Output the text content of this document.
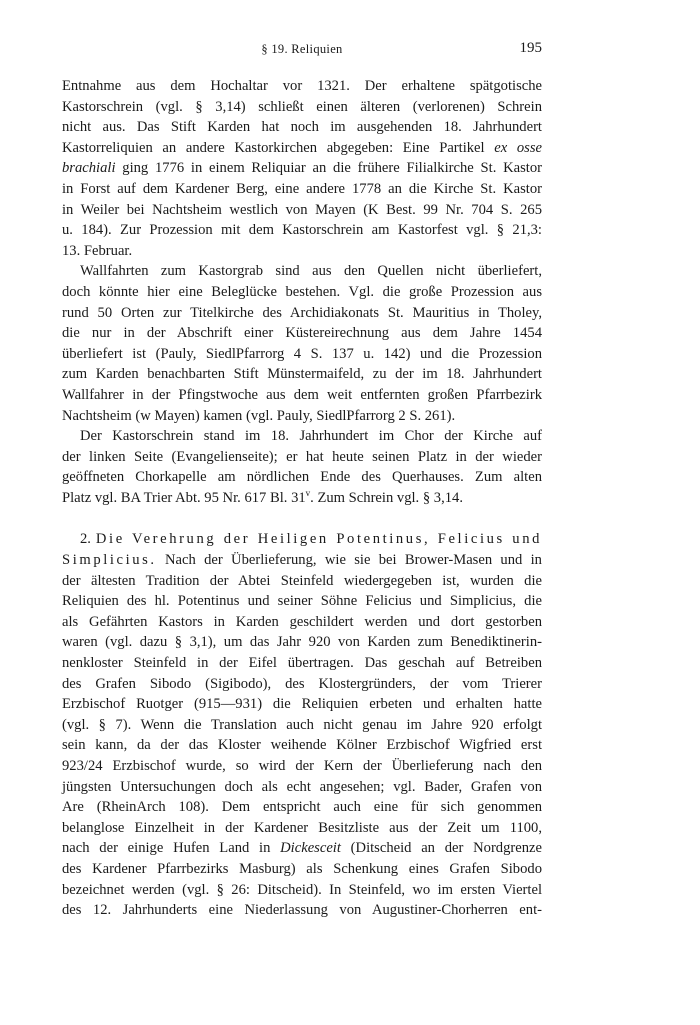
§ 19. Reliquien	195
Entnahme aus dem Hochaltar vor 1321. Der erhaltene spätgotische
Kastorschrein (vgl. § 3,14) schließt einen älteren (verlorenen) Schrein
nicht aus. Das Stift Karden hat noch im ausgehenden 18. Jahrhundert
Kastorreliquien an andere Kastorkirchen abgegeben: Eine Partikel ex osse
brachiali ging 1776 in einem Reliquiar an die frühere Filialkirche St. Kastor
in Forst auf dem Kardener Berg, eine andere 1778 an die Kirche St. Kastor
in Weiler bei Nachtsheim westlich von Mayen (K Best. 99 Nr. 704 S. 265
u. 184). Zur Prozession mit dem Kastorschrein am Kastorfest vgl. § 21,3:
13. Februar.
Wallfahrten zum Kastorgrab sind aus den Quellen nicht überliefert,
doch könnte hier eine Beleglücke bestehen. Vgl. die große Prozession aus
rund 50 Orten zur Titelkirche des Archidiakonats St. Mauritius in Tholey,
die nur in der Abschrift einer Küstereirechnung aus dem Jahre 1454
überliefert ist (Pauly, SiedlPfarrorg 4 S. 137 u. 142) und die Prozession
zum Karden benachbarten Stift Münstermaifeld, zu der im 18. Jahrhundert
Wallfahrer in der Pfingstwoche aus dem weit entfernten großen Pfarrbezirk
Nachtsheim (w Mayen) kamen (vgl. Pauly, SiedlPfarrorg 2 S. 261).
Der Kastorschrein stand im 18. Jahrhundert im Chor der Kirche auf
der linken Seite (Evangelienseite); er hat heute seinen Platz in der wieder
geöffneten Chorkapelle am nördlichen Ende des Querhauses. Zum alten
Platz vgl. BA Trier Abt. 95 Nr. 617 Bl. 31$^v$. Zum Schrein vgl. § 3,14.
2. Die Verehrung der Heiligen Potentinus, Felicius und
Simplicius. Nach der Überlieferung, wie sie bei Brower-Masen und in
der ältesten Tradition der Abtei Steinfeld wiedergegeben ist, wurden die
Reliquien des hl. Potentinus und seiner Söhne Felicius und Simplicius, die
als Gefährten Kastors in Karden geschildert werden und dort gestorben
waren (vgl. dazu § 3,1), um das Jahr 920 von Karden zum Benediktinerin-
nenkloster Steinfeld in der Eifel übertragen. Das geschah auf Betreiben
des Grafen Sibodo (Sigibodo), des Klostergründers, der vom Trierer
Erzbischof Ruotger (915—931) die Reliquien erbeten und erhalten hatte
(vgl. § 7). Wenn die Translation auch nicht genau im Jahre 920 erfolgt
sein kann, da der das Kloster weihende Kölner Erzbischof Wigfried erst
923/24 Erzbischof wurde, so wird der Kern der Überlieferung nach den
jüngsten Untersuchungen doch als echt angesehen; vgl. Bader, Grafen von
Are (RheinArch 108). Dem entspricht auch eine für sich genommen
belanglose Einzelheit in der Kardener Besitzliste aus der Zeit um 1100,
nach der einige Hufen Land in Dickesceit (Ditscheid an der Nordgrenze
des Kardener Pfarrbezirks Masburg) als Schenkung eines Grafen Sibodo
bezeichnet werden (vgl. § 26: Ditscheid). In Steinfeld, wo im ersten Viertel
des 12. Jahrhunderts eine Niederlassung von Augustiner-Chorherren ent-
